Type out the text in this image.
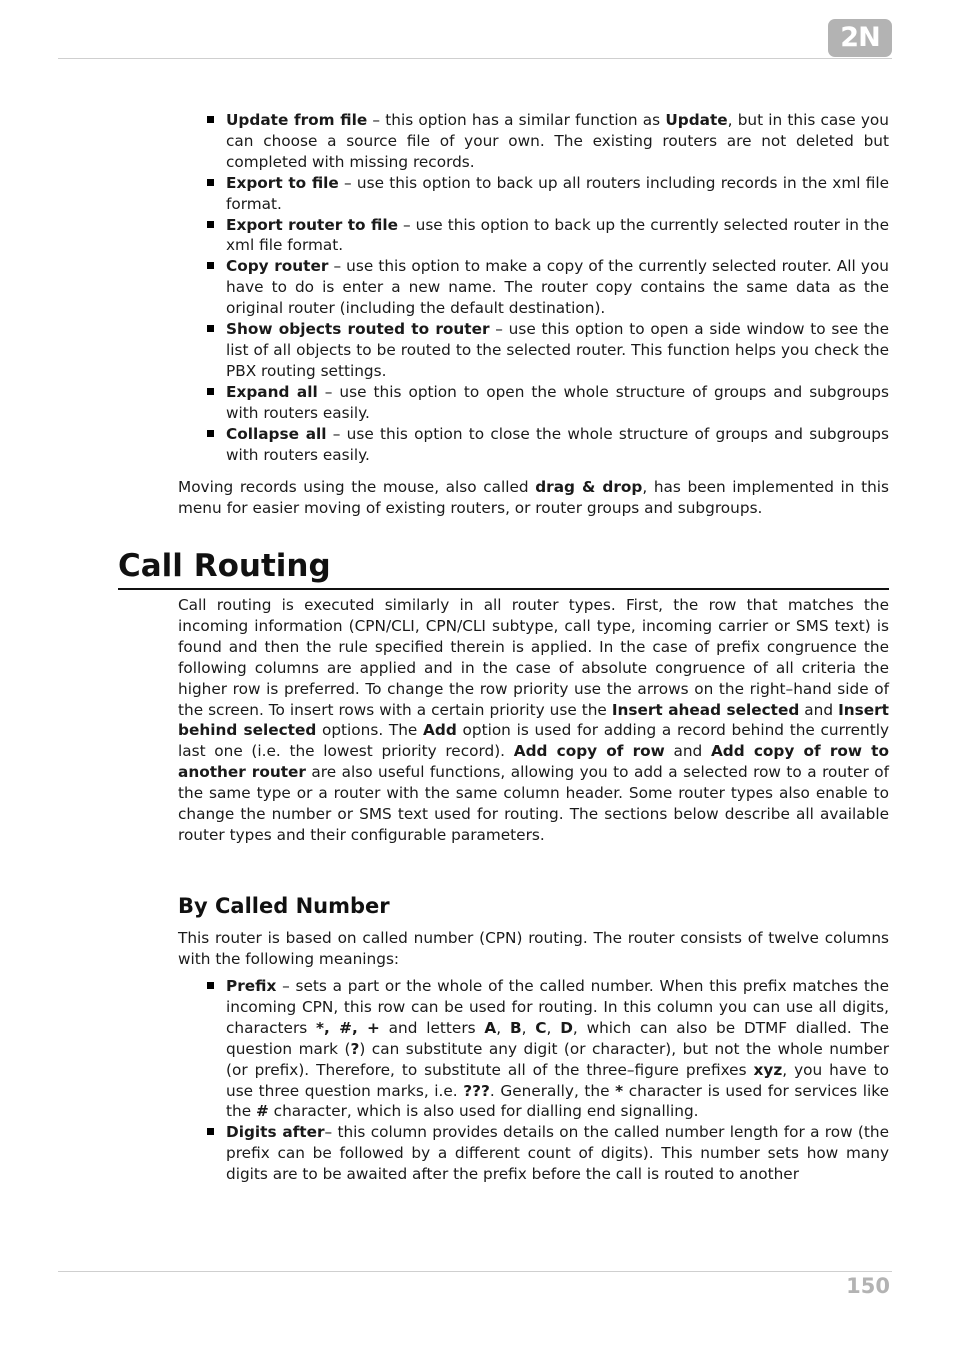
2N
Update from file – this option has a similar function as Update, but in this case you can choose a source file of your own. The existing routers are not deleted but completed with missing records.
Export to file – use this option to back up all routers including records in the xml file format.
Export router to file – use this option to back up the currently selected router in the xml file format.
Copy router – use this option to make a copy of the currently selected router. All you have to do is enter a new name. The router copy contains the same data as the original router (including the default destination).
Show objects routed to router – use this option to open a side window to see the list of all objects to be routed to the selected router. This function helps you check the PBX routing settings.
Expand all – use this option to open the whole structure of groups and subgroups with routers easily.
Collapse all – use this option to close the whole structure of groups and subgroups with routers easily.

Moving records using the mouse, also called drag & drop, has been implemented in this menu for easier moving of existing routers, or router groups and subgroups.

Call Routing

Call routing is executed similarly in all router types. First, the row that matches the incoming information (CPN/CLI, CPN/CLI subtype, call type, incoming carrier or SMS text) is found and then the rule specified therein is applied. In the case of prefix congruence the following columns are applied and in the case of absolute congruence of all criteria the higher row is preferred. To change the row priority use the arrows on the right–hand side of the screen. To insert rows with a certain priority use the Insert ahead selected and Insert behind selected options. The Add option is used for adding a record behind the currently last one (i.e. the lowest priority record). Add copy of row and Add copy of row to another router are also useful functions, allowing you to add a selected row to a router of the same type or a router with the same column header. Some router types also enable to change the number or SMS text used for routing. The sections below describe all available router types and their configurable parameters.

By Called Number

This router is based on called number (CPN) routing. The router consists of twelve columns with the following meanings:

Prefix – sets a part or the whole of the called number. When this prefix matches the incoming CPN, this row can be used for routing. In this column you can use all digits, characters *, #, + and letters A, B, C, D, which can also be DTMF dialled. The question mark (?) can substitute any digit (or character), but not the whole number (or prefix). Therefore, to substitute all of the three–figure prefixes xyz, you have to use three question marks, i.e. ???. Generally, the * character is used for services like the # character, which is also used for dialling end signalling.
Digits after– this column provides details on the called number length for a row (the prefix can be followed by a different count of digits). This number sets how many digits are to be awaited after the prefix before the call is routed to another
150
